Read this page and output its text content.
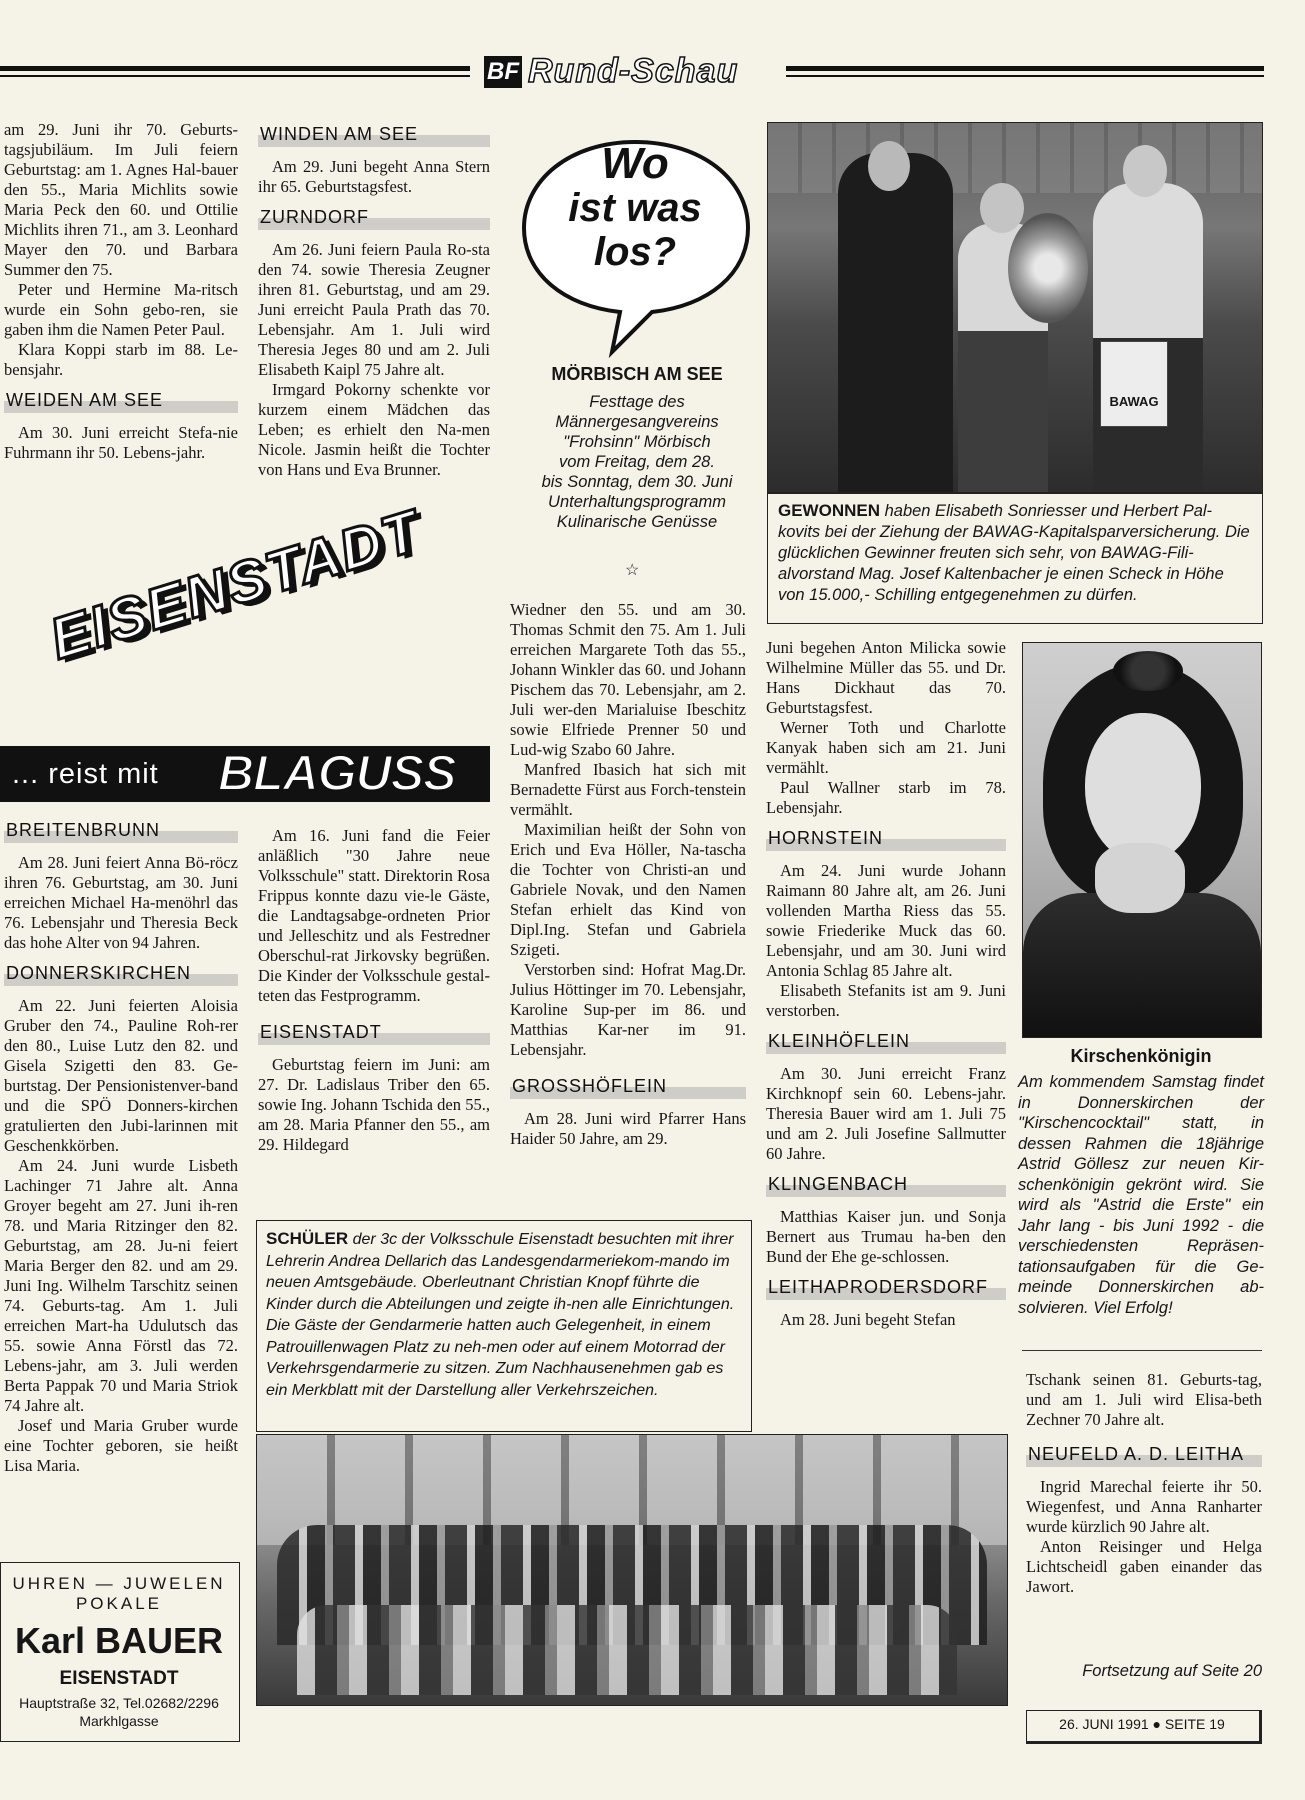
BF Rund-Schau

am 29. Juni ihr 70. Geburts-tagsjubiläum. Im Juli feiern Geburtstag: am 1. Agnes Hal-bauer den 55., Maria Michlits sowie Maria Peck den 60. und Ottilie Michlits ihren 71., am 3. Leonhard Mayer den 70. und Barbara Summer den 75.

Peter und Hermine Ma-ritsch wurde ein Sohn gebo-ren, sie gaben ihm die Namen Peter Paul.

Klara Koppi starb im 88. Le-bensjahr.

WEIDEN AM SEE

Am 30. Juni erreicht Stefa-nie Fuhrmann ihr 50. Lebens-jahr.

WINDEN AM SEE

Am 29. Juni begeht Anna Stern ihr 65. Geburtstagsfest.

ZURNDORF

Am 26. Juni feiern Paula Ro-sta den 74. sowie Theresia Zeugner ihren 81. Geburtstag, und am 29. Juni erreicht Paula Prath das 70. Lebensjahr. Am 1. Juli wird Theresia Jeges 80 und am 2. Juli Elisabeth Kaipl 75 Jahre alt.

Irmgard Pokorny schenkte vor kurzem einem Mädchen das Leben; es erhielt den Na-men Nicole. Jasmin heißt die Tochter von Hans und Eva Brunner.

Wo
ist was
los?
MÖRBISCH AM SEE
Festtage des
Männergesangvereins
"Frohsinn" Mörbisch
vom Freitag, dem 28.
bis Sonntag, dem 30. Juni
Unterhaltungsprogramm
Kulinarische Genüsse
☆
BAWAG
GEWONNEN haben Elisabeth Sonriesser und Herbert Pal-kovits bei der Ziehung der BAWAG-Kapitalsparversicherung. Die glücklichen Gewinner freuten sich sehr, von BAWAG-Fili-alvorstand Mag. Josef Kaltenbacher je einen Scheck in Höhe von 15.000,- Schilling entgegenehmen zu dürfen.
EISENSTADT
... reist mit BLAGUSS
BREITENBRUNN

Am 28. Juni feiert Anna Bö-röcz ihren 76. Geburtstag, am 30. Juni erreichen Michael Ha-menöhrl das 76. Lebensjahr und Theresia Beck das hohe Alter von 94 Jahren.

DONNERSKIRCHEN

Am 22. Juni feierten Aloisia Gruber den 74., Pauline Roh-rer den 80., Luise Lutz den 82. und Gisela Szigetti den 83. Ge-burtstag. Der Pensionistenver-band und die SPÖ Donners-kirchen gratulierten den Jubi-larinnen mit Geschenkkörben.

Am 24. Juni wurde Lisbeth Lachinger 71 Jahre alt. Anna Groyer begeht am 27. Juni ih-ren 78. und Maria Ritzinger den 82. Geburtstag, am 28. Ju-ni feiert Maria Berger den 82. und am 29. Juni Ing. Wilhelm Tarschitz seinen 74. Geburts-tag. Am 1. Juli erreichen Mart-ha Udulutsch das 55. sowie Anna Förstl das 72. Lebens-jahr, am 3. Juli werden Berta Pappak 70 und Maria Striok 74 Jahre alt.

Josef und Maria Gruber wurde eine Tochter geboren, sie heißt Lisa Maria.

UHREN — JUWELEN
POKALE
Karl BAUER
EISENSTADT
Hauptstraße 32, Tel.02682/2296
Markhlgasse

Am 16. Juni fand die Feier anläßlich "30 Jahre neue Volksschule" statt. Direktorin Rosa Frippus konnte dazu vie-le Gäste, die Landtagsabge-ordneten Prior und Jelleschitz und als Festredner Oberschul-rat Jirkovsky begrüßen. Die Kinder der Volksschule gestal-teten das Festprogramm.

EISENSTADT

Geburtstag feiern im Juni: am 27. Dr. Ladislaus Triber den 65. sowie Ing. Johann Tschida den 55., am 28. Maria Pfanner den 55., am 29. Hildegard

Wiedner den 55. und am 30. Thomas Schmit den 75. Am 1. Juli erreichen Margarete Toth das 55., Johann Winkler das 60. und Johann Pischem das 70. Lebensjahr, am 2. Juli wer-den Marialuise Ibeschitz sowie Elfriede Prenner 50 und Lud-wig Szabo 60 Jahre.

Manfred Ibasich hat sich mit Bernadette Fürst aus Forch-tenstein vermählt.

Maximilian heißt der Sohn von Erich und Eva Höller, Na-tascha die Tochter von Christi-an und Gabriele Novak, und den Namen Stefan erhielt das Kind von Dipl.Ing. Stefan und Gabriela Szigeti.

Verstorben sind: Hofrat Mag.Dr. Julius Höttinger im 70. Lebensjahr, Karoline Sup-per im 86. und Matthias Kar-ner im 91. Lebensjahr.

GROSSHÖFLEIN

Am 28. Juni wird Pfarrer Hans Haider 50 Jahre, am 29.

Juni begehen Anton Milicka sowie Wilhelmine Müller das 55. und Dr. Hans Dickhaut das 70. Geburtstagsfest.

Werner Toth und Charlotte Kanyak haben sich am 21. Juni vermählt.

Paul Wallner starb im 78. Lebensjahr.

HORNSTEIN

Am 24. Juni wurde Johann Raimann 80 Jahre alt, am 26. Juni vollenden Martha Riess das 55. sowie Friederike Muck das 60. Lebensjahr, und am 30. Juni wird Antonia Schlag 85 Jahre alt.

Elisabeth Stefanits ist am 9. Juni verstorben.

KLEINHÖFLEIN

Am 30. Juni erreicht Franz Kirchknopf sein 60. Lebens-jahr. Theresia Bauer wird am 1. Juli 75 und am 2. Juli Josefine Sallmutter 60 Jahre.

KLINGENBACH

Matthias Kaiser jun. und Sonja Bernert aus Trumau ha-ben den Bund der Ehe ge-schlossen.

LEITHAPRODERSDORF

Am 28. Juni begeht Stefan

Kirschenkönigin
Am kommendem Samstag findet in Donnerskirchen der "Kirschencocktail" statt, in dessen Rahmen die 18jährige Astrid Göllesz zur neuen Kir-schenkönigin gekrönt wird. Sie wird als "Astrid die Erste" ein Jahr lang - bis Juni 1992 - die verschiedensten Repräsen-tationsaufgaben für die Ge-meinde Donnerskirchen ab-solvieren. Viel Erfolg!

Tschank seinen 81. Geburts-tag, und am 1. Juli wird Elisa-beth Zechner 70 Jahre alt.

NEUFELD A. D. LEITHA

Ingrid Marechal feierte ihr 50. Wiegenfest, und Anna Ranharter wurde kürzlich 90 Jahre alt.

Anton Reisinger und Helga Lichtscheidl gaben einander das Jawort.

Fortsetzung auf Seite 20
SCHÜLER der 3c der Volksschule Eisenstadt besuchten mit ihrer Lehrerin Andrea Dellarich das Landesgendarmeriekom-mando im neuen Amtsgebäude. Oberleutnant Christian Knopf führte die Kinder durch die Abteilungen und zeigte ih-nen alle Einrichtungen. Die Gäste der Gendarmerie hatten auch Gelegenheit, in einem Patrouillenwagen Platz zu neh-men oder auf einem Motorrad der Verkehrsgendarmerie zu sitzen. Zum Nachhausenehmen gab es ein Merkblatt mit der Darstellung aller Verkehrszeichen.
26. JUNI 1991 ● SEITE 19
